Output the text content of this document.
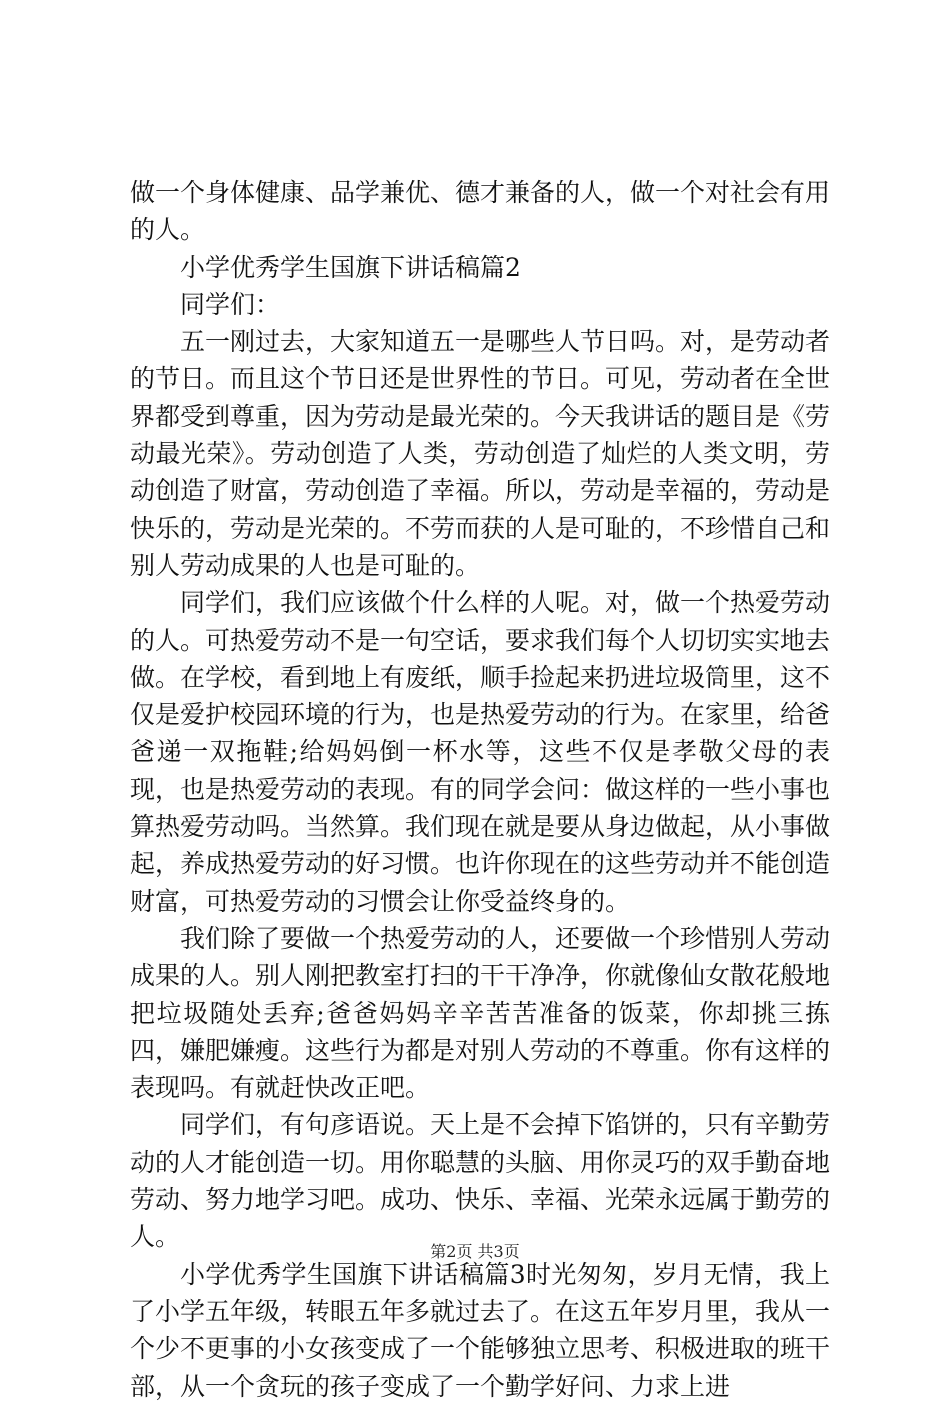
做一个身体健康、品学兼优、德才兼备的人，做一个对社会有用的人。

小学优秀学生国旗下讲话稿篇2

同学们：

五一刚过去，大家知道五一是哪些人节日吗。对，是劳动者的节日。而且这个节日还是世界性的节日。可见，劳动者在全世界都受到尊重，因为劳动是最光荣的。今天我讲话的题目是《劳动最光荣》。劳动创造了人类，劳动创造了灿烂的人类文明，劳动创造了财富，劳动创造了幸福。所以，劳动是幸福的，劳动是快乐的，劳动是光荣的。不劳而获的人是可耻的，不珍惜自己和别人劳动成果的人也是可耻的。

同学们，我们应该做个什么样的人呢。对，做一个热爱劳动的人。可热爱劳动不是一句空话，要求我们每个人切切实实地去做。在学校，看到地上有废纸，顺手捡起来扔进垃圾筒里，这不仅是爱护校园环境的行为，也是热爱劳动的行为。在家里，给爸爸递一双拖鞋;给妈妈倒一杯水等，这些不仅是孝敬父母的表现，也是热爱劳动的表现。有的同学会问：做这样的一些小事也算热爱劳动吗。当然算。我们现在就是要从身边做起，从小事做起，养成热爱劳动的好习惯。也许你现在的这些劳动并不能创造财富，可热爱劳动的习惯会让你受益终身的。

我们除了要做一个热爱劳动的人，还要做一个珍惜别人劳动成果的人。别人刚把教室打扫的干干净净，你就像仙女散花般地把垃圾随处丢弃;爸爸妈妈辛辛苦苦准备的饭菜，你却挑三拣四，嫌肥嫌瘦。这些行为都是对别人劳动的不尊重。你有这样的表现吗。有就赶快改正吧。

同学们，有句彦语说。天上是不会掉下馅饼的，只有辛勤劳动的人才能创造一切。用你聪慧的头脑、用你灵巧的双手勤奋地劳动、努力地学习吧。成功、快乐、幸福、光荣永远属于勤劳的人。

小学优秀学生国旗下讲话稿篇3时光匆匆，岁月无情，我上了小学五年级，转眼五年多就过去了。在这五年岁月里，我从一个少不更事的小女孩变成了一个能够独立思考、积极进取的班干部，从一个贪玩的孩子变成了一个勤学好问、力求上进

第2页 共3页
